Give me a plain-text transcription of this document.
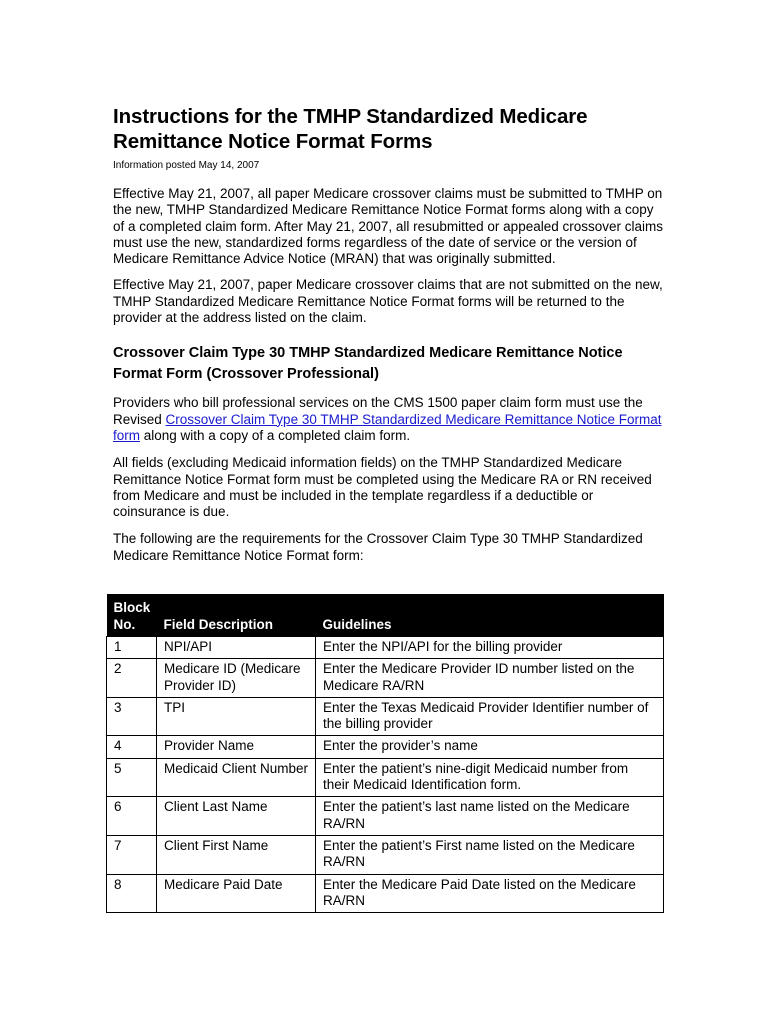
Instructions for the TMHP Standardized Medicare Remittance Notice Format Forms
Information posted May 14, 2007

Effective May 21, 2007, all paper Medicare crossover claims must be submitted to TMHP on the new, TMHP Standardized Medicare Remittance Notice Format forms along with a copy of a completed claim form. After May 21, 2007, all resubmitted or appealed crossover claims must use the new, standardized forms regardless of the date of service or the version of Medicare Remittance Advice Notice (MRAN) that was originally submitted.

Effective May 21, 2007, paper Medicare crossover claims that are not submitted on the new, TMHP Standardized Medicare Remittance Notice Format forms will be returned to the provider at the address listed on the claim.

Crossover Claim Type 30 TMHP Standardized Medicare Remittance Notice Format Form (Crossover Professional)

Providers who bill professional services on the CMS 1500 paper claim form must use the Revised Crossover Claim Type 30 TMHP Standardized Medicare Remittance Notice Format form along with a copy of a completed claim form.

All fields (excluding Medicaid information fields) on the TMHP Standardized Medicare Remittance Notice Format form must be completed using the Medicare RA or RN received from Medicare and must be included in the template regardless if a deductible or coinsurance is due.

The following are the requirements for the Crossover Claim Type 30 TMHP Standardized Medicare Remittance Notice Format form:

Block
No.	Field Description	Guidelines
1	NPI/API	Enter the NPI/API for the billing provider
2	Medicare ID (Medicare Provider ID)	Enter the Medicare Provider ID number listed on the Medicare RA/RN
3	TPI	Enter the Texas Medicaid Provider Identifier number of the billing provider
4	Provider Name	Enter the provider’s name
5	Medicaid Client Number	Enter the patient’s nine-digit Medicaid number from their Medicaid Identification form.
6	Client Last Name	Enter the patient’s last name listed on the Medicare RA/RN
7	Client First Name	Enter the patient’s First name listed on the Medicare RA/RN
8	Medicare Paid Date	Enter the Medicare Paid Date listed on the Medicare RA/RN
